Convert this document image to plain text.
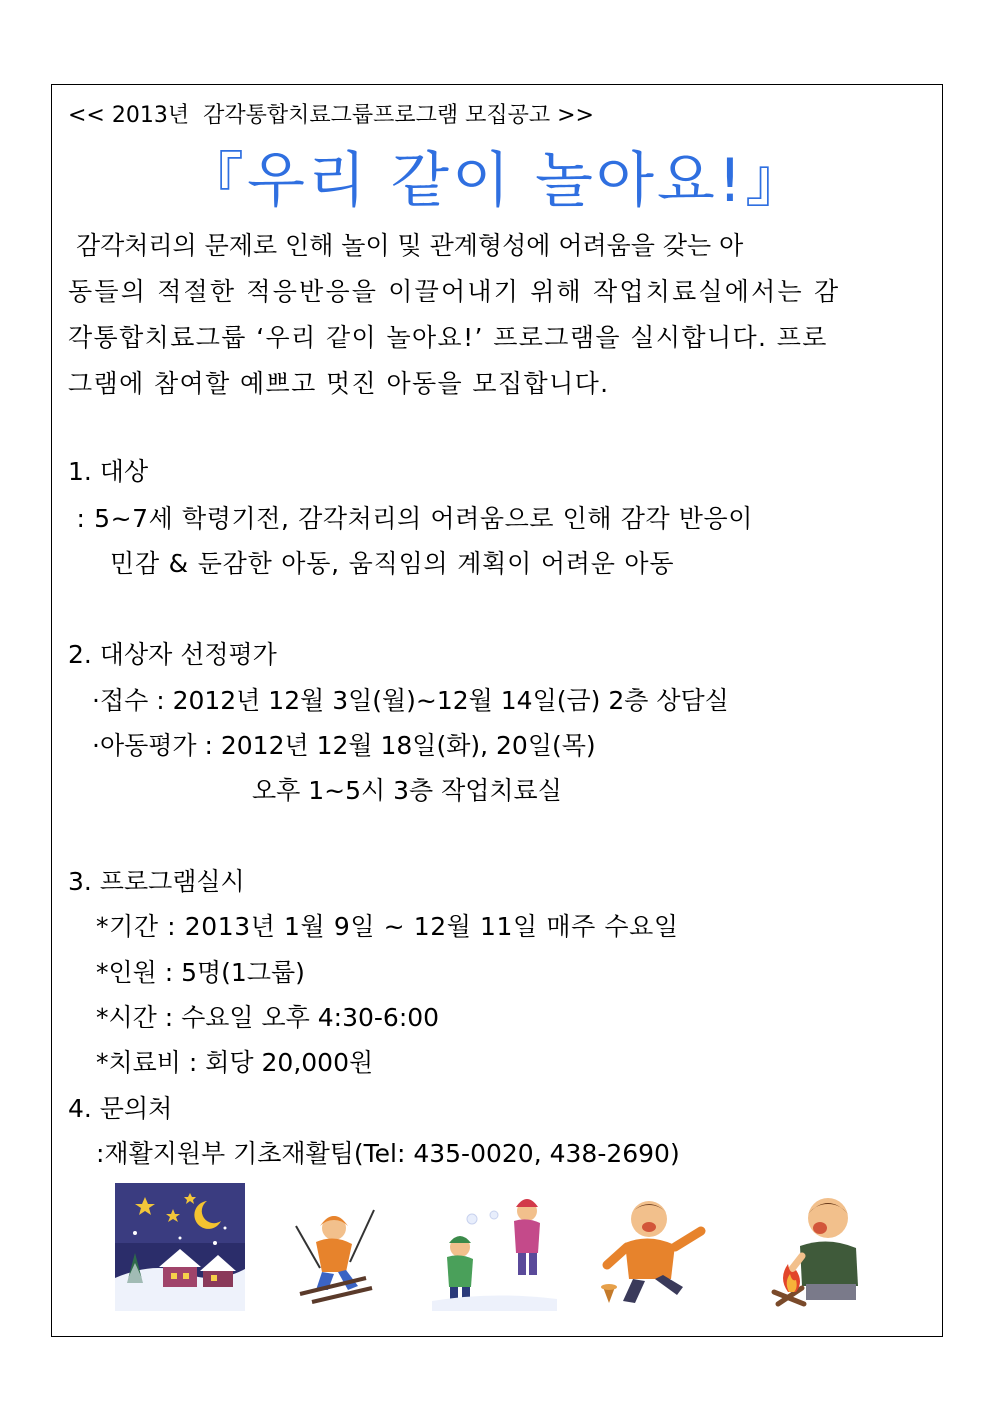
<< 2013년  감각통합치료그룹프로그램 모집공고 >>
『우리 같이 놀아요!』
감각처리의 문제로 인해 놀이 및 관계형성에 어려움을 갖는 아
동들의 적절한 적응반응을 이끌어내기 위해 작업치료실에서는 감
각통합치료그룹 ‘우리 같이 놀아요!’ 프로그램을 실시합니다. 프로
그램에 참여할 예쁘고 멋진 아동을 모집합니다.
1. 대상
: 5~7세 학령기전, 감각처리의 어려움으로 인해 감각 반응이
민감 & 둔감한 아동, 움직임의 계획이 어려운 아동
2. 대상자 선정평가
·접수 : 2012년 12월 3일(월)~12월 14일(금) 2층 상담실
·아동평가 : 2012년 12월 18일(화), 20일(목)
오후 1~5시 3층 작업치료실
3. 프로그램실시
*기간 : 2013년 1월 9일 ~ 12월 11일 매주 수요일
*인원 : 5명(1그룹)
*시간 : 수요일 오후 4:30-6:00
*치료비 : 회당 20,000원
4. 문의처
:재활지원부 기초재활팀(Tel: 435-0020, 438-2690)
